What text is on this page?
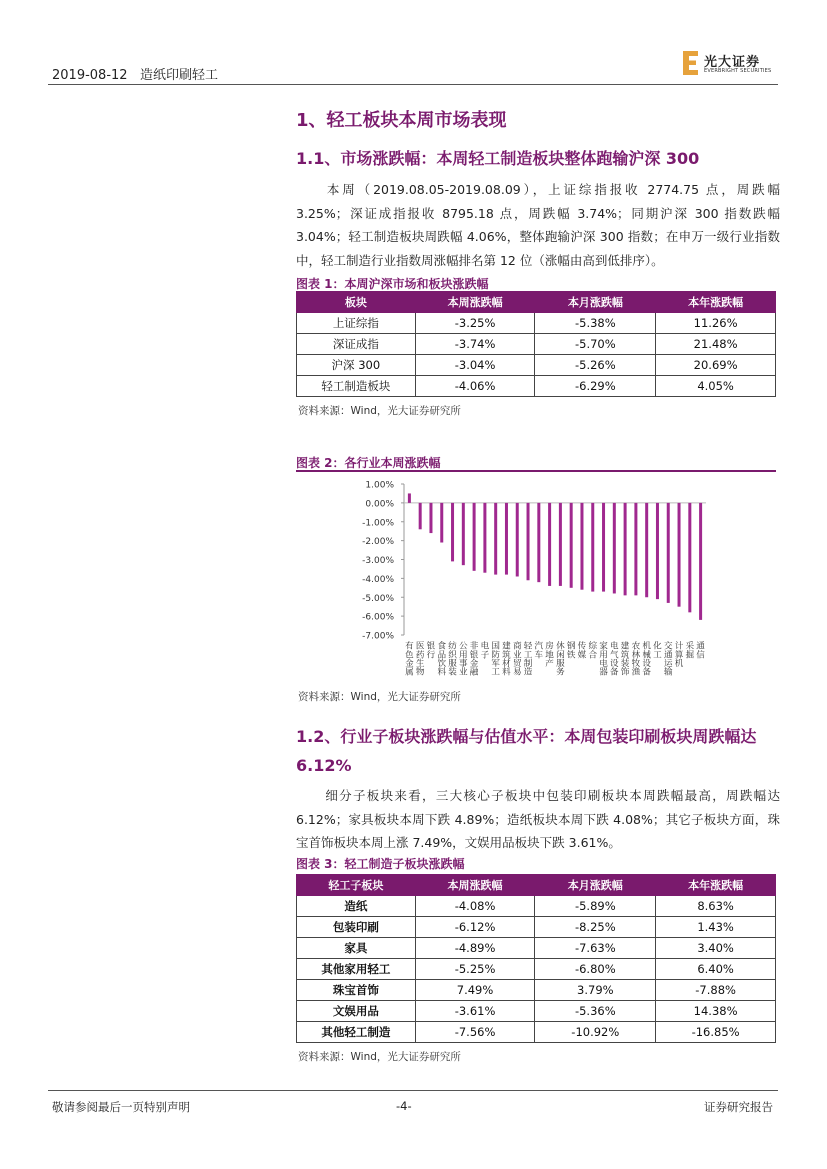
2019-08-12 造纸印刷轻工
光大证券
EVERBRIGHT SECURITIES
1、轻工板块本周市场表现
1.1、市场涨跌幅：本周轻工制造板块整体跑输沪深 300
本周（2019.08.05-2019.08.09），上证综指报收 2774.75 点，周跌幅 3.25%；深证成指报收 8795.18 点，周跌幅 3.74%；同期沪深 300 指数跌幅 3.04%；轻工制造板块周跌幅 4.06%，整体跑输沪深 300 指数；在申万一级行业指数中，轻工制造行业指数周涨幅排名第 12 位（涨幅由高到低排序）。
图表 1：本周沪深市场和板块涨跌幅
板块	本周涨跌幅	本月涨跌幅	本年涨跌幅
上证综指	-3.25%	-5.38%	11.26%
深证成指	-3.74%	-5.70%	21.48%
沪深 300	-3.04%	-5.26%	20.69%
轻工制造板块	-4.06%	-6.29%	4.05%
资料来源：Wind，光大证券研究所
图表 2：各行业本周涨跌幅
1.00%
0.00%
-1.00%
-2.00%
-3.00%
-4.00%
-5.00%
-6.00%
-7.00%
有色金属
医药生物
银行
食品饮料
纺织服装
公用事业
非银金融
电子
国防军工
建筑材料
商业贸易
轻工制造
汽车
房地产
休闲服务
钢铁
传媒
综合
家用电器
电气设备
建筑装饰
农林牧渔
机械设备
化工
交通运输
计算机
采掘
通信
资料来源：Wind，光大证券研究所
1.2、行业子板块涨跌幅与估值水平：本周包装印刷板块周跌幅达 6.12%
细分子板块来看，三大核心子板块中包装印刷板块本周跌幅最高，周跌幅达 6.12%；家具板块本周下跌 4.89%；造纸板块本周下跌 4.08%；其它子板块方面，珠宝首饰板块本周上涨 7.49%，文娱用品板块下跌 3.61%。
图表 3：轻工制造子板块涨跌幅
轻工子板块	本周涨跌幅	本月涨跌幅	本年涨跌幅
造纸	-4.08%	-5.89%	8.63%
包装印刷	-6.12%	-8.25%	1.43%
家具	-4.89%	-7.63%	3.40%
其他家用轻工	-5.25%	-6.80%	6.40%
珠宝首饰	7.49%	3.79%	-7.88%
文娱用品	-3.61%	-5.36%	14.38%
其他轻工制造	-7.56%	-10.92%	-16.85%
资料来源：Wind，光大证券研究所
敬请参阅最后一页特别声明	-4-	证券研究报告
